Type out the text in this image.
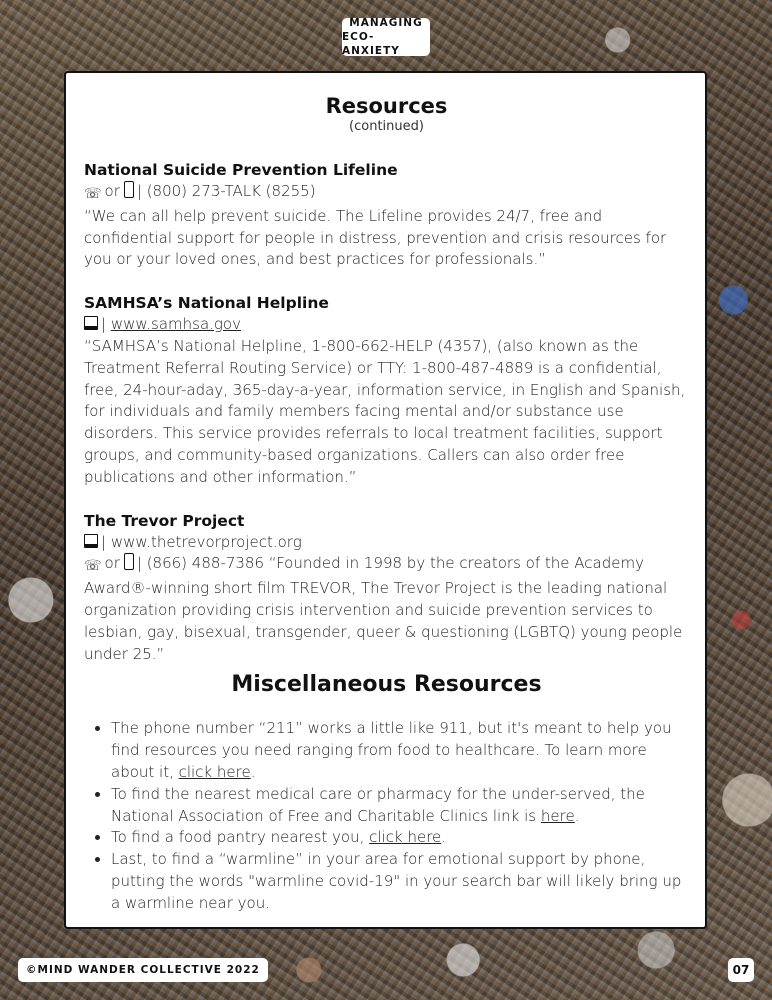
MANAGING
ECO-ANXIETY
Resources
(continued)
National Suicide Prevention Lifeline
☏ or | (800) 273-TALK (8255)
“We can all help prevent suicide. The Lifeline provides 24/7, free and confidential support for people in distress, prevention and crisis resources for you or your loved ones, and best practices for professionals.”
SAMHSA’s National Helpline
| www.samhsa.gov
“SAMHSA’s National Helpline, 1-800-662-HELP (4357), (also known as the Treatment Referral Routing Service) or TTY: 1-800-487-4889 is a confidential, free, 24-hour-aday, 365-day-a-year, information service, in English and Spanish, for individuals and family members facing mental and/or substance use disorders. This service provides referrals to local treatment facilities, support groups, and community-based organizations. Callers can also order free publications and other information.”
The Trevor Project
| www.thetrevorproject.org
☏ or | (866) 488-7386 “Founded in 1998 by the creators of the Academy Award®-winning short film TREVOR, The Trevor Project is the leading national organization providing crisis intervention and suicide prevention services to lesbian, gay, bisexual, transgender, queer & questioning (LGBTQ) young people under 25.”
Miscellaneous Resources
• The phone number “211” works a little like 911, but it's meant to help you find resources you need ranging from food to healthcare. To learn more about it, click here.
• To find the nearest medical care or pharmacy for the under-served, the National Association of Free and Charitable Clinics link is here.
• To find a food pantry nearest you, click here.
• Last, to find a “warmline” in your area for emotional support by phone, putting the words "warmline covid-19" in your search bar will likely bring up a warmline near you.
©MIND WANDER COLLECTIVE 2022	07
